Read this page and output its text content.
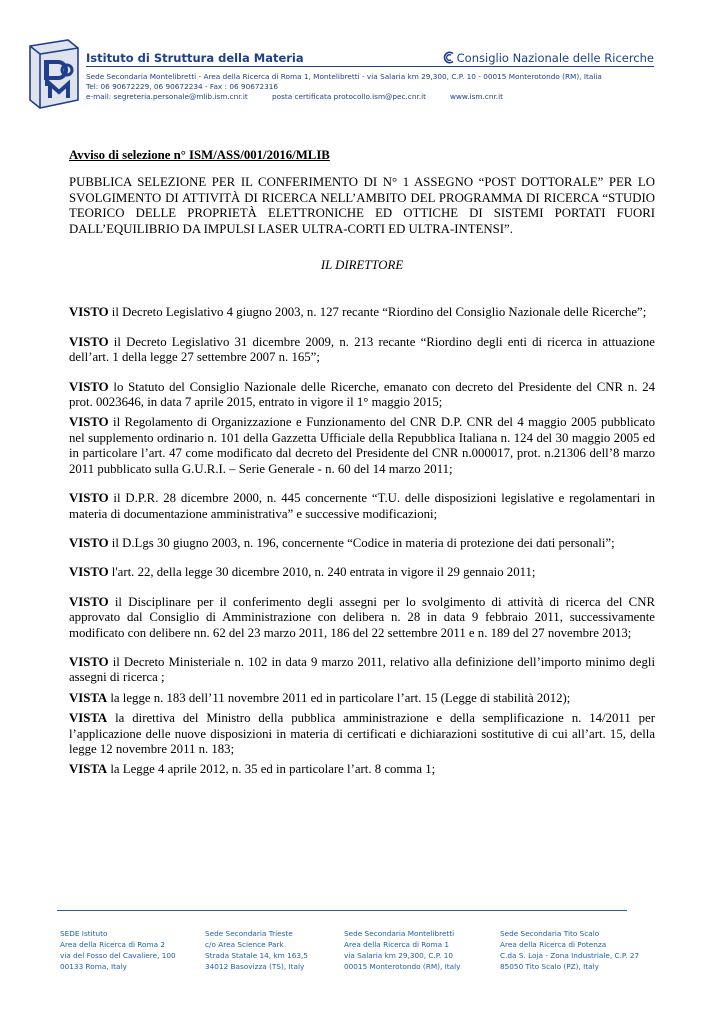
Istituto di Struttura della Materia	Consiglio Nazionale delle Ricerche
Sede Secondaria Montelibretti - Area della Ricerca di Roma 1, Montelibretti - via Salaria km 29,300, C.P. 10 - 00015 Monterotondo (RM), Italia
Tel: 06 90672229, 06 90672234 - Fax : 06 90672316
e-mail: segreteria.personale@mlib.ism.cnr.it	posta certificata protocollo.ism@pec.cnr.it	www.ism.cnr.it

Avviso di selezione n° ISM/ASS/001/2016/MLIB

PUBBLICA SELEZIONE PER IL CONFERIMENTO DI N° 1 ASSEGNO “POST DOTTORALE” PER LO SVOLGIMENTO DI ATTIVITÀ DI RICERCA NELL’AMBITO DEL PROGRAMMA DI RICERCA “STUDIO TEORICO DELLE PROPRIETÀ ELETTRONICHE ED OTTICHE DI SISTEMI PORTATI FUORI DALL’EQUILIBRIO DA IMPULSI LASER ULTRA-CORTI ED ULTRA-INTENSI”.

IL DIRETTORE

VISTO il Decreto Legislativo 4 giugno 2003, n. 127 recante “Riordino del Consiglio Nazionale delle Ricerche”;

VISTO il Decreto Legislativo 31 dicembre 2009, n. 213 recante “Riordino degli enti di ricerca in attuazione dell’art. 1 della legge 27 settembre 2007 n. 165”;

VISTO lo Statuto del Consiglio Nazionale delle Ricerche, emanato con decreto del Presidente del CNR n. 24 prot. 0023646, in data 7 aprile 2015, entrato in vigore il 1° maggio 2015;

VISTO il Regolamento di Organizzazione e Funzionamento del CNR D.P. CNR del 4 maggio 2005 pubblicato nel supplemento ordinario n. 101 della Gazzetta Ufficiale della Repubblica Italiana n. 124 del 30 maggio 2005 ed in particolare l’art. 47 come modificato dal decreto del Presidente del CNR n.000017, prot. n.21306 dell’8 marzo 2011 pubblicato sulla G.U.R.I. – Serie Generale - n. 60 del 14 marzo 2011;

VISTO il D.P.R. 28 dicembre 2000, n. 445 concernente “T.U. delle disposizioni legislative e regolamentari in materia di documentazione amministrativa” e successive modificazioni;

VISTO il D.Lgs 30 giugno 2003, n. 196, concernente “Codice in materia di protezione dei dati personali”;

VISTO l'art. 22, della legge 30 dicembre 2010, n. 240 entrata in vigore il 29 gennaio 2011;

VISTO il Disciplinare per il conferimento degli assegni per lo svolgimento di attività di ricerca del CNR approvato dal Consiglio di Amministrazione con delibera n. 28 in data 9 febbraio 2011, successivamente modificato con delibere nn. 62 del 23 marzo 2011, 186 del 22 settembre 2011 e n. 189 del 27 novembre 2013;

VISTO il Decreto Ministeriale n. 102 in data 9 marzo 2011, relativo alla definizione dell’importo minimo degli assegni di ricerca ;

VISTA la legge n. 183 dell’11 novembre 2011 ed in particolare l’art. 15 (Legge di stabilità 2012);

VISTA la direttiva del Ministro della pubblica amministrazione e della semplificazione n. 14/2011 per l’applicazione delle nuove disposizioni in materia di certificati e dichiarazioni sostitutive di cui all’art. 15, della legge 12 novembre 2011 n. 183;

VISTA la Legge 4 aprile 2012, n. 35 ed in particolare l’art. 8 comma 1;

SEDE Istituto
Area della Ricerca di Roma 2
via del Fosso del Cavaliere, 100
00133 Roma, Italy
Sede Secondaria Trieste
c/o Area Science Park
Strada Statale 14, km 163,5
34012 Basovizza (TS), Italy
Sede Secondaria Montelibretti
Area della Ricerca di Roma 1
via Salaria km 29,300, C.P. 10
00015 Monterotondo (RM), Italy
Sede Secondaria Tito Scalo
Area della Ricerca di Potenza
C.da S. Loja - Zona Industriale, C.P. 27
85050 Tito Scalo (PZ), Italy
